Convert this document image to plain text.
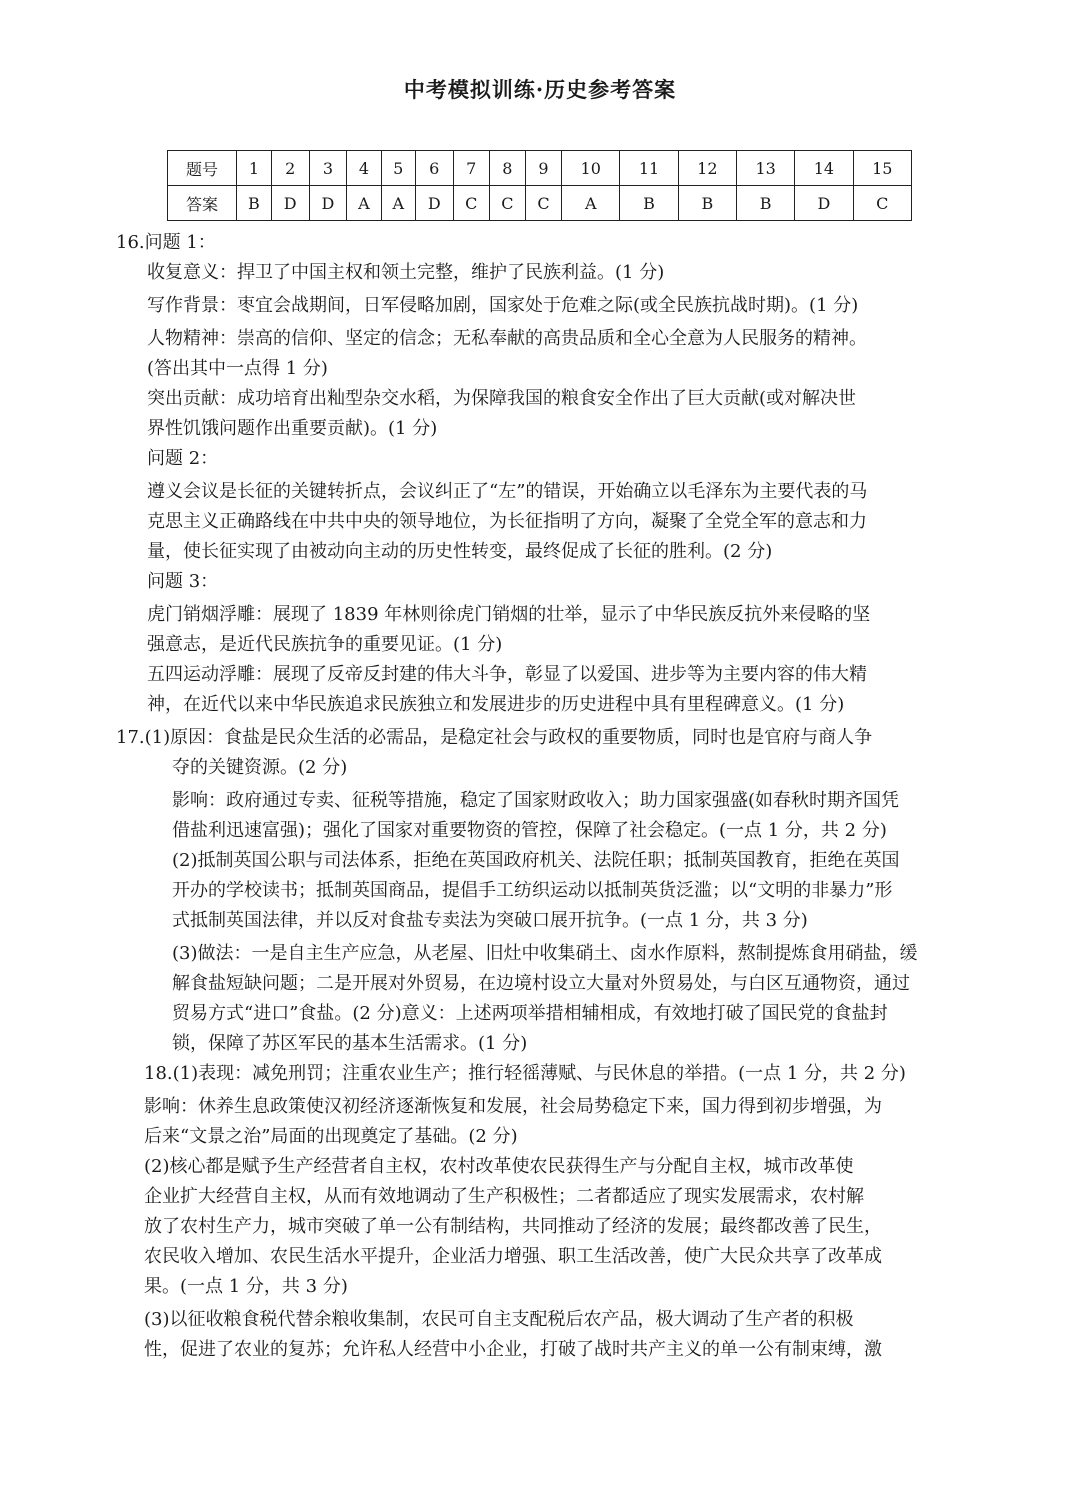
中考模拟训练·历史参考答案
题号	1	2	3	4	5	6	7	8	9	10	11	12	13	14	15
答案	B	D	D	A	A	D	C	C	C	A	B	B	B	D	C
16.问题 1：
收复意义：捍卫了中国主权和领土完整，维护了民族利益。(1 分)
写作背景：枣宜会战期间，日军侵略加剧，国家处于危难之际(或全民族抗战时期)。(1 分)
人物精神：崇高的信仰、坚定的信念；无私奉献的高贵品质和全心全意为人民服务的精神。
(答出其中一点得 1 分)
突出贡献：成功培育出籼型杂交水稻，为保障我国的粮食安全作出了巨大贡献(或对解决世
界性饥饿问题作出重要贡献)。(1 分)
问题 2：
遵义会议是长征的关键转折点，会议纠正了“左”的错误，开始确立以毛泽东为主要代表的马
克思主义正确路线在中共中央的领导地位，为长征指明了方向，凝聚了全党全军的意志和力
量，使长征实现了由被动向主动的历史性转变，最终促成了长征的胜利。(2 分)
问题 3：
虎门销烟浮雕：展现了 1839 年林则徐虎门销烟的壮举，显示了中华民族反抗外来侵略的坚
强意志，是近代民族抗争的重要见证。(1 分)
五四运动浮雕：展现了反帝反封建的伟大斗争，彰显了以爱国、进步等为主要内容的伟大精
神，在近代以来中华民族追求民族独立和发展进步的历史进程中具有里程碑意义。(1 分)
17.(1)原因：食盐是民众生活的必需品，是稳定社会与政权的重要物质，同时也是官府与商人争
夺的关键资源。(2 分)
影响：政府通过专卖、征税等措施，稳定了国家财政收入；助力国家强盛(如春秋时期齐国凭
借盐利迅速富强)；强化了国家对重要物资的管控，保障了社会稳定。(一点 1 分，共 2 分)
(2)抵制英国公职与司法体系，拒绝在英国政府机关、法院任职；抵制英国教育，拒绝在英国
开办的学校读书；抵制英国商品，提倡手工纺织运动以抵制英货泛滥；以“文明的非暴力”形
式抵制英国法律，并以反对食盐专卖法为突破口展开抗争。(一点 1 分，共 3 分)
(3)做法：一是自主生产应急，从老屋、旧灶中收集硝土、卤水作原料，熬制提炼食用硝盐，缓
解食盐短缺问题；二是开展对外贸易，在边境村设立大量对外贸易处，与白区互通物资，通过
贸易方式“进口”食盐。(2 分)意义：上述两项举措相辅相成，有效地打破了国民党的食盐封
锁，保障了苏区军民的基本生活需求。(1 分)
18.(1)表现：减免刑罚；注重农业生产；推行轻徭薄赋、与民休息的举措。(一点 1 分，共 2 分)
影响：休养生息政策使汉初经济逐渐恢复和发展，社会局势稳定下来，国力得到初步增强，为
后来“文景之治”局面的出现奠定了基础。(2 分)
(2)核心都是赋予生产经营者自主权，农村改革使农民获得生产与分配自主权，城市改革使
企业扩大经营自主权，从而有效地调动了生产积极性；二者都适应了现实发展需求，农村解
放了农村生产力，城市突破了单一公有制结构，共同推动了经济的发展；最终都改善了民生，
农民收入增加、农民生活水平提升，企业活力增强、职工生活改善，使广大民众共享了改革成
果。(一点 1 分，共 3 分)
(3)以征收粮食税代替余粮收集制，农民可自主支配税后农产品，极大调动了生产者的积极
性，促进了农业的复苏；允许私人经营中小企业，打破了战时共产主义的单一公有制束缚，激
